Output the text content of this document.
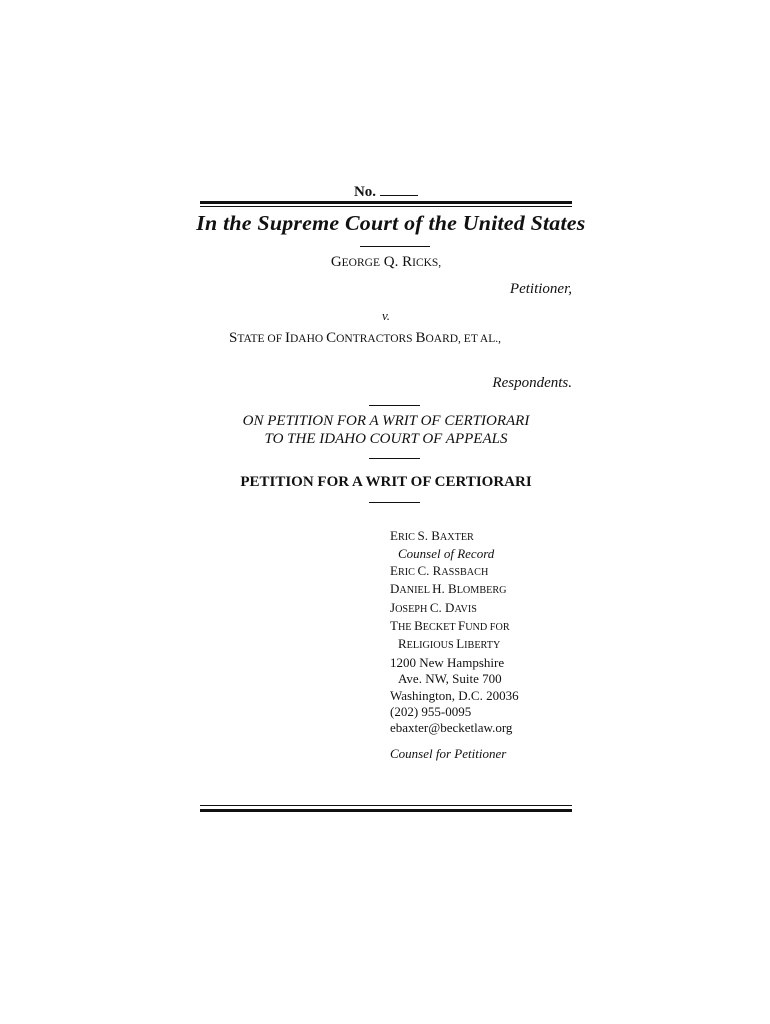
No.
In the Supreme Court of the United States
GEORGE Q. RICKS,
Petitioner,
v.
STATE OF IDAHO CONTRACTORS BOARD, ET AL.,
Respondents.
ON PETITION FOR A WRIT OF CERTIORARI
TO THE IDAHO COURT OF APPEALS
PETITION FOR A WRIT OF CERTIORARI
ERIC S. BAXTER
Counsel of Record
ERIC C. RASSBACH
DANIEL H. BLOMBERG
JOSEPH C. DAVIS
THE BECKET FUND FOR
RELIGIOUS LIBERTY
1200 New Hampshire
Ave. NW, Suite 700
Washington, D.C. 20036
(202) 955-0095
ebaxter@becketlaw.org
Counsel for Petitioner
